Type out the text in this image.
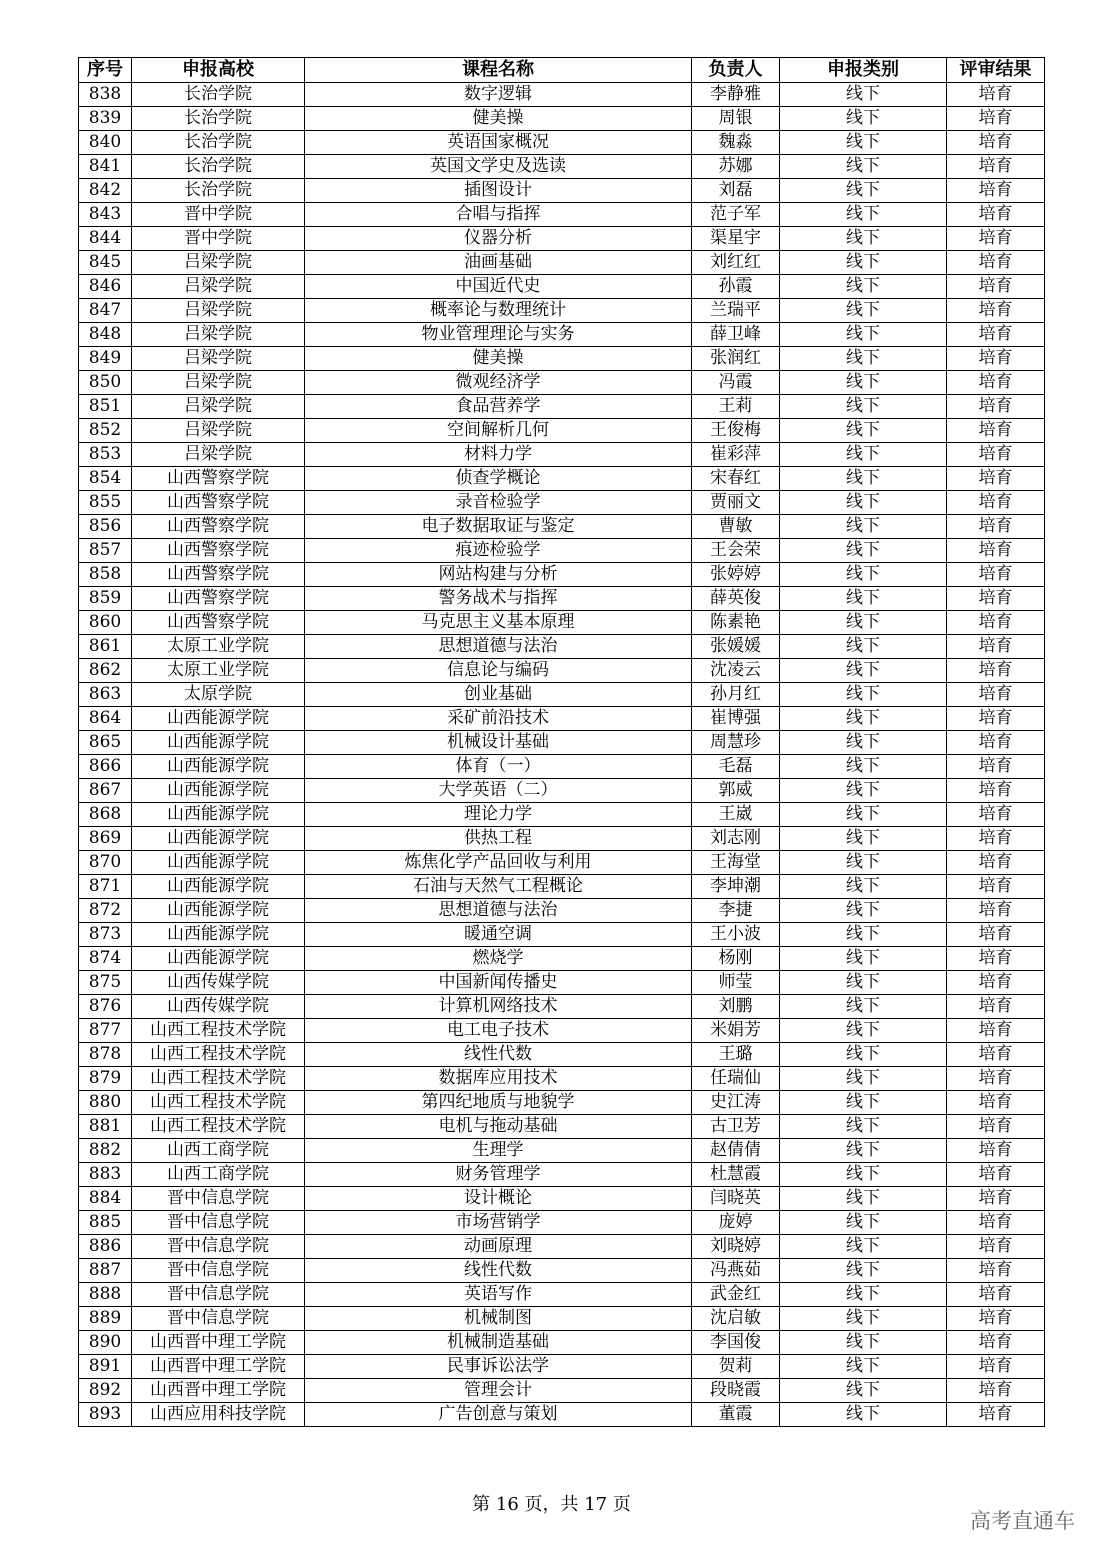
序号	申报高校	课程名称	负责人	申报类别	评审结果
838	长治学院	数字逻辑	李静雅	线下	培育
839	长治学院	健美操	周银	线下	培育
840	长治学院	英语国家概况	魏淼	线下	培育
841	长治学院	英国文学史及选读	苏娜	线下	培育
842	长治学院	插图设计	刘磊	线下	培育
843	晋中学院	合唱与指挥	范子军	线下	培育
844	晋中学院	仪器分析	渠星宇	线下	培育
845	吕梁学院	油画基础	刘红红	线下	培育
846	吕梁学院	中国近代史	孙霞	线下	培育
847	吕梁学院	概率论与数理统计	兰瑞平	线下	培育
848	吕梁学院	物业管理理论与实务	薛卫峰	线下	培育
849	吕梁学院	健美操	张润红	线下	培育
850	吕梁学院	微观经济学	冯霞	线下	培育
851	吕梁学院	食品营养学	王莉	线下	培育
852	吕梁学院	空间解析几何	王俊梅	线下	培育
853	吕梁学院	材料力学	崔彩萍	线下	培育
854	山西警察学院	侦查学概论	宋春红	线下	培育
855	山西警察学院	录音检验学	贾丽文	线下	培育
856	山西警察学院	电子数据取证与鉴定	曹敏	线下	培育
857	山西警察学院	痕迹检验学	王会荣	线下	培育
858	山西警察学院	网站构建与分析	张婷婷	线下	培育
859	山西警察学院	警务战术与指挥	薛英俊	线下	培育
860	山西警察学院	马克思主义基本原理	陈素艳	线下	培育
861	太原工业学院	思想道德与法治	张媛媛	线下	培育
862	太原工业学院	信息论与编码	沈凌云	线下	培育
863	太原学院	创业基础	孙月红	线下	培育
864	山西能源学院	采矿前沿技术	崔博强	线下	培育
865	山西能源学院	机械设计基础	周慧珍	线下	培育
866	山西能源学院	体育（一）	毛磊	线下	培育
867	山西能源学院	大学英语（二）	郭威	线下	培育
868	山西能源学院	理论力学	王崴	线下	培育
869	山西能源学院	供热工程	刘志刚	线下	培育
870	山西能源学院	炼焦化学产品回收与利用	王海堂	线下	培育
871	山西能源学院	石油与天然气工程概论	李坤潮	线下	培育
872	山西能源学院	思想道德与法治	李捷	线下	培育
873	山西能源学院	暖通空调	王小波	线下	培育
874	山西能源学院	燃烧学	杨刚	线下	培育
875	山西传媒学院	中国新闻传播史	师莹	线下	培育
876	山西传媒学院	计算机网络技术	刘鹏	线下	培育
877	山西工程技术学院	电工电子技术	米娟芳	线下	培育
878	山西工程技术学院	线性代数	王璐	线下	培育
879	山西工程技术学院	数据库应用技术	任瑞仙	线下	培育
880	山西工程技术学院	第四纪地质与地貌学	史江涛	线下	培育
881	山西工程技术学院	电机与拖动基础	古卫芳	线下	培育
882	山西工商学院	生理学	赵倩倩	线下	培育
883	山西工商学院	财务管理学	杜慧霞	线下	培育
884	晋中信息学院	设计概论	闫晓英	线下	培育
885	晋中信息学院	市场营销学	庞婷	线下	培育
886	晋中信息学院	动画原理	刘晓婷	线下	培育
887	晋中信息学院	线性代数	冯燕茹	线下	培育
888	晋中信息学院	英语写作	武金红	线下	培育
889	晋中信息学院	机械制图	沈启敏	线下	培育
890	山西晋中理工学院	机械制造基础	李国俊	线下	培育
891	山西晋中理工学院	民事诉讼法学	贺莉	线下	培育
892	山西晋中理工学院	管理会计	段晓霞	线下	培育
893	山西应用科技学院	广告创意与策划	董霞	线下	培育
第 16 页，共 17 页
高考直通车
